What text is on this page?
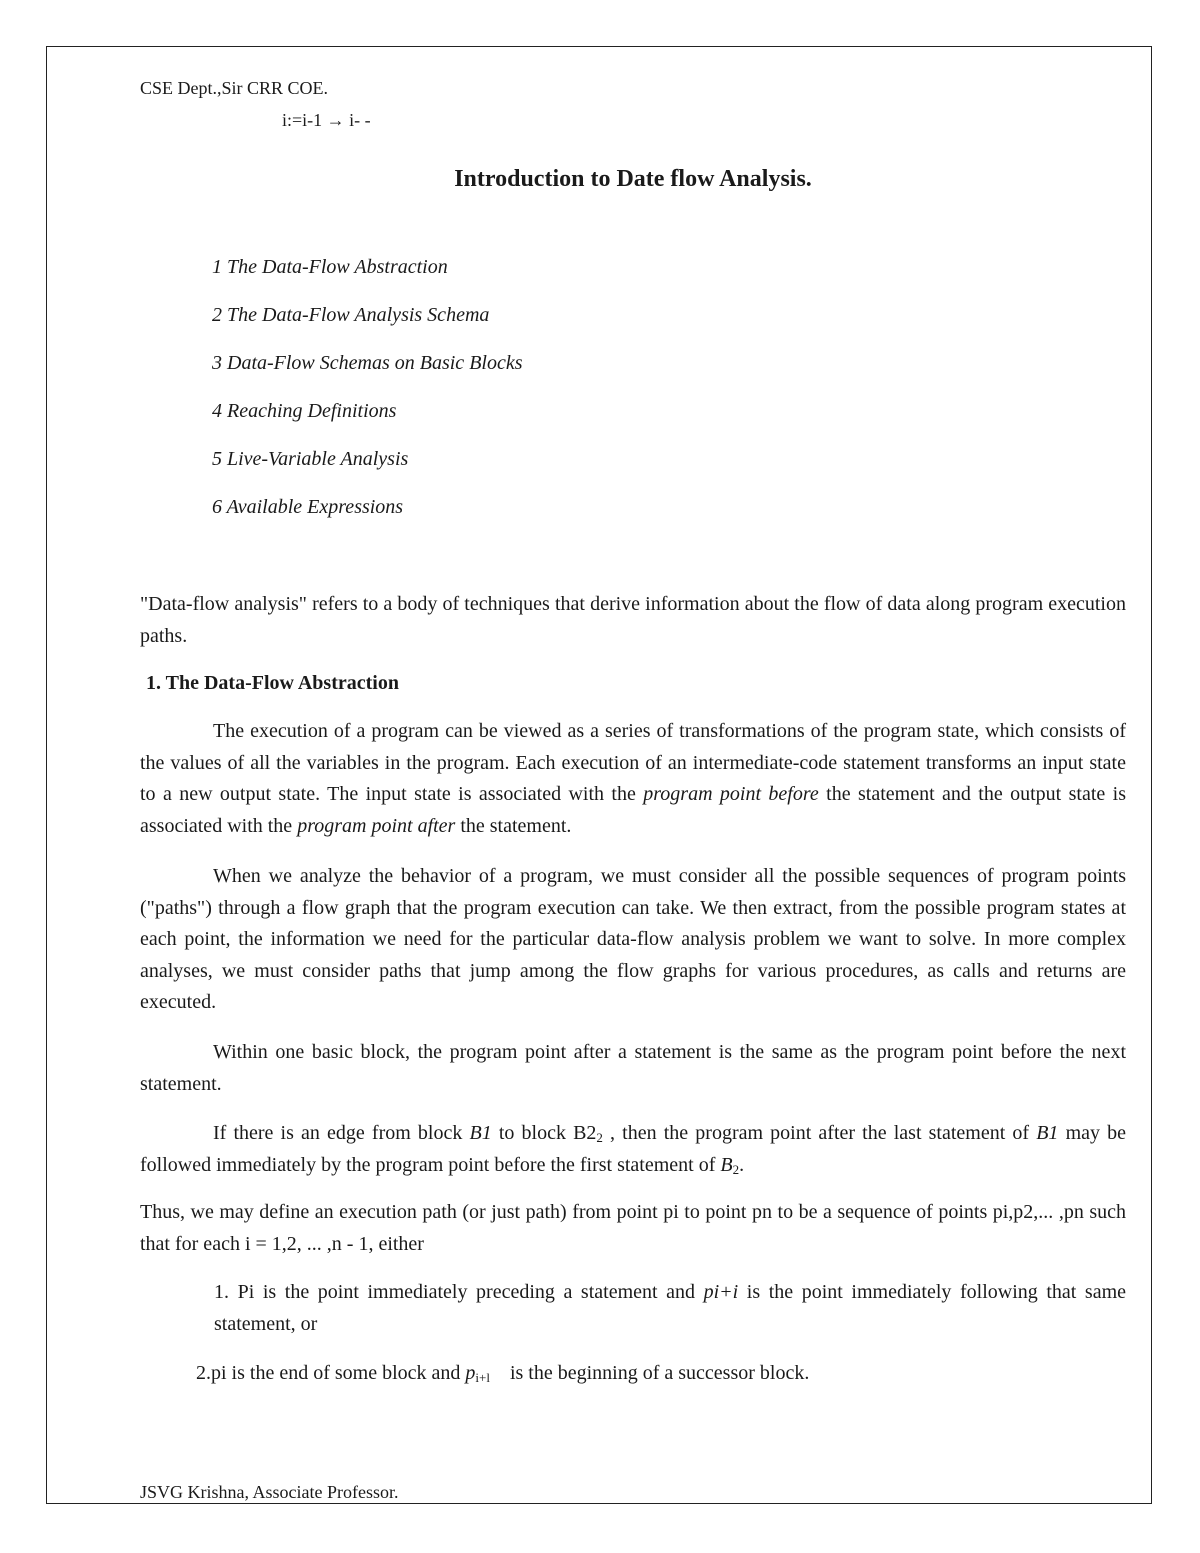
CSE Dept.,Sir CRR COE.
i:=i-1 → i- -
Introduction to Date flow Analysis.
1 The Data-Flow Abstraction
2 The Data-Flow Analysis Schema
3 Data-Flow Schemas on Basic Blocks
4 Reaching Definitions
5 Live-Variable Analysis
6 Available Expressions

"Data-flow analysis" refers to a body of techniques that derive information about the flow of data along program execution paths.

1. The Data-Flow Abstraction

The execution of a program can be viewed as a series of transformations of the program state, which consists of the values of all the variables in the program. Each execution of an intermediate-code statement transforms an input state to a new output state. The input state is associated with the program point before the statement and the output state is associated with the program point after the statement.

When we analyze the behavior of a program, we must consider all the possible sequences of program points ("paths") through a flow graph that the program execution can take. We then extract, from the possible program states at each point, the information we need for the particular data-flow analysis problem we want to solve. In more complex analyses, we must consider paths that jump among the flow graphs for various procedures, as calls and returns are executed.

Within one basic block, the program point after a statement is the same as the program point before the next statement.

If there is an edge from block B1 to block $B2_2$ , then the program point after the last statement of B1 may be followed immediately by the program point before the first statement of $B_2$.

Thus, we may define an execution path (or just path) from point pi to point pn to be a sequence of points pi,p2,... ,pn such that for each i = 1,2, ... ,n - 1, either

1. Pi is the point immediately preceding a statement and pi+i is the point immediately following that same statement, or

2.pi is the end of some block and $p_{i+l}$    is the beginning of a successor block.

JSVG Krishna, Associate Professor.
